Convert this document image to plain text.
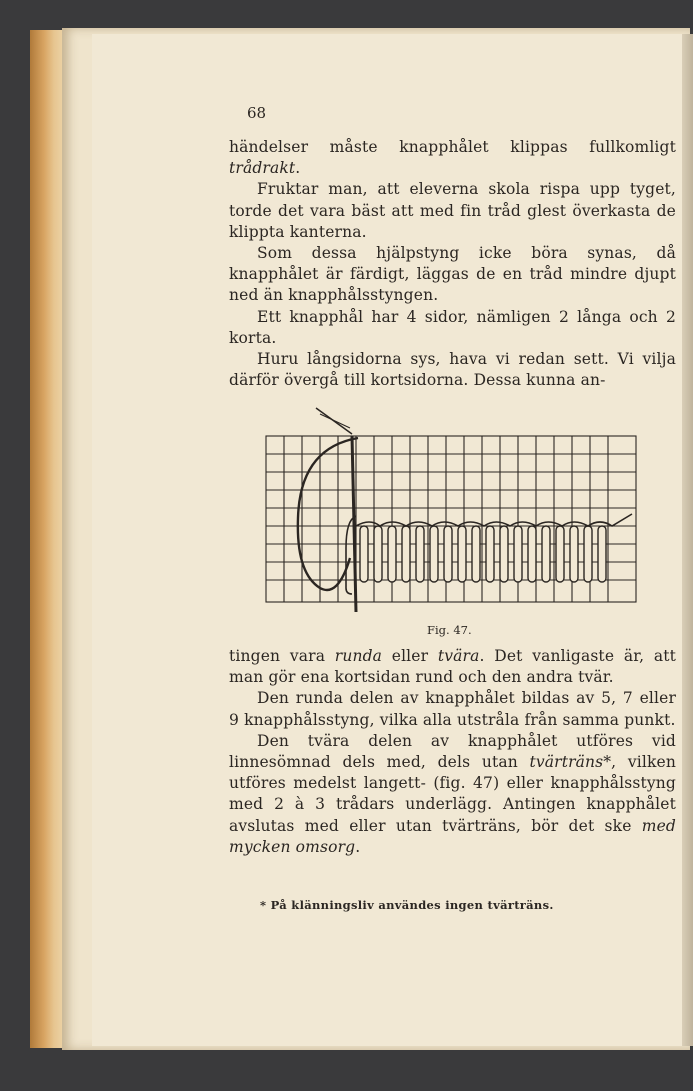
68
händelser måste knapphålet klippas fullkomligt trådrakt.
Fruktar man, att eleverna skola rispa upp tyget, torde det vara bäst att med fin tråd glest överkasta de klippta kanterna.
Som dessa hjälpstyng icke böra synas, då knapphålet är färdigt, läggas de en tråd mindre djupt ned än knapphålsstyngen.
Ett knapphål har 4 sidor, nämligen 2 långa och 2 korta.
Huru långsidorna sys, hava vi redan sett. Vi vilja därför övergå till kortsidorna. Dessa kunna an-
Fig. 47.
tingen vara runda eller tvära. Det vanligaste är, att man gör ena kortsidan rund och den andra tvär.
Den runda delen av knapphålet bildas av 5, 7 eller 9 knapphålsstyng, vilka alla utstråla från samma punkt.
Den tvära delen av knapphålet utföres vid linnesömnad dels med, dels utan tvärträns*, vilken utföres medelst langett- (fig. 47) eller knapphålsstyng med 2 à 3 trådars underlägg. Antingen knapphålet avslutas med eller utan tvärträns, bör det ske med mycken omsorg.
* På klänningsliv användes ingen tvärträns.
